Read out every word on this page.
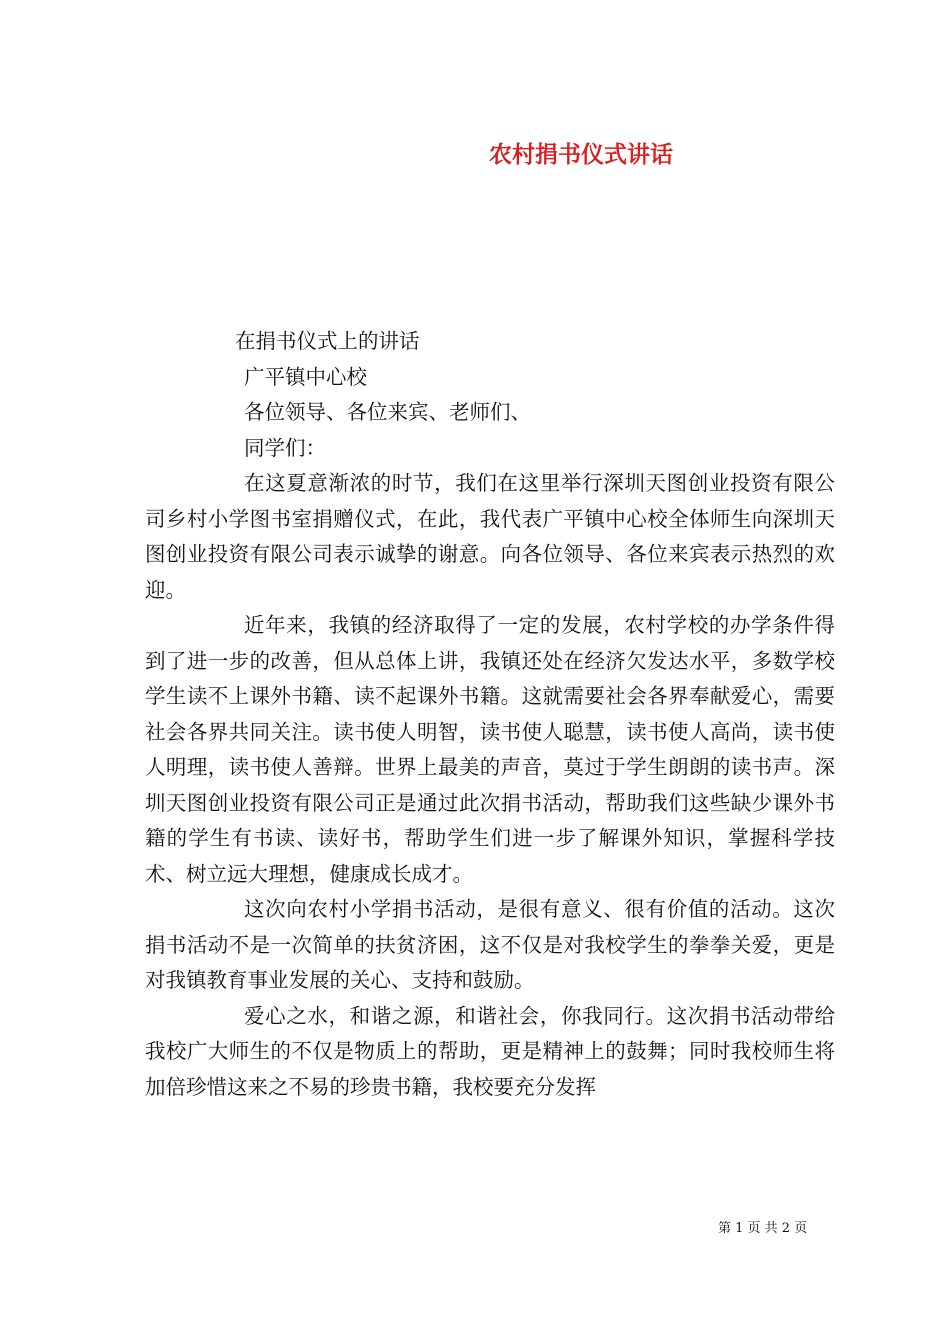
农村捐书仪式讲话
在捐书仪式上的讲话
广平镇中心校
各位领导、各位来宾、老师们、
同学们：

在这夏意渐浓的时节，我们在这里举行深圳天图创业投资有限公司乡村小学图书室捐赠仪式，在此，我代表广平镇中心校全体师生向深圳天图创业投资有限公司表示诚挚的谢意。向各位领导、各位来宾表示热烈的欢迎。

近年来，我镇的经济取得了一定的发展，农村学校的办学条件得到了进一步的改善，但从总体上讲，我镇还处在经济欠发达水平，多数学校学生读不上课外书籍、读不起课外书籍。这就需要社会各界奉献爱心，需要社会各界共同关注。读书使人明智，读书使人聪慧，读书使人高尚，读书使人明理，读书使人善辩。世界上最美的声音，莫过于学生朗朗的读书声。深圳天图创业投资有限公司正是通过此次捐书活动，帮助我们这些缺少课外书籍的学生有书读、读好书，帮助学生们进一步了解课外知识，掌握科学技术、树立远大理想，健康成长成才。

这次向农村小学捐书活动，是很有意义、很有价值的活动。这次捐书活动不是一次简单的扶贫济困，这不仅是对我校学生的拳拳关爱，更是对我镇教育事业发展的关心、支持和鼓励。

爱心之水，和谐之源，和谐社会，你我同行。这次捐书活动带给我校广大师生的不仅是物质上的帮助，更是精神上的鼓舞；同时我校师生将加倍珍惜这来之不易的珍贵书籍，我校要充分发挥

第 1 页 共 2 页
